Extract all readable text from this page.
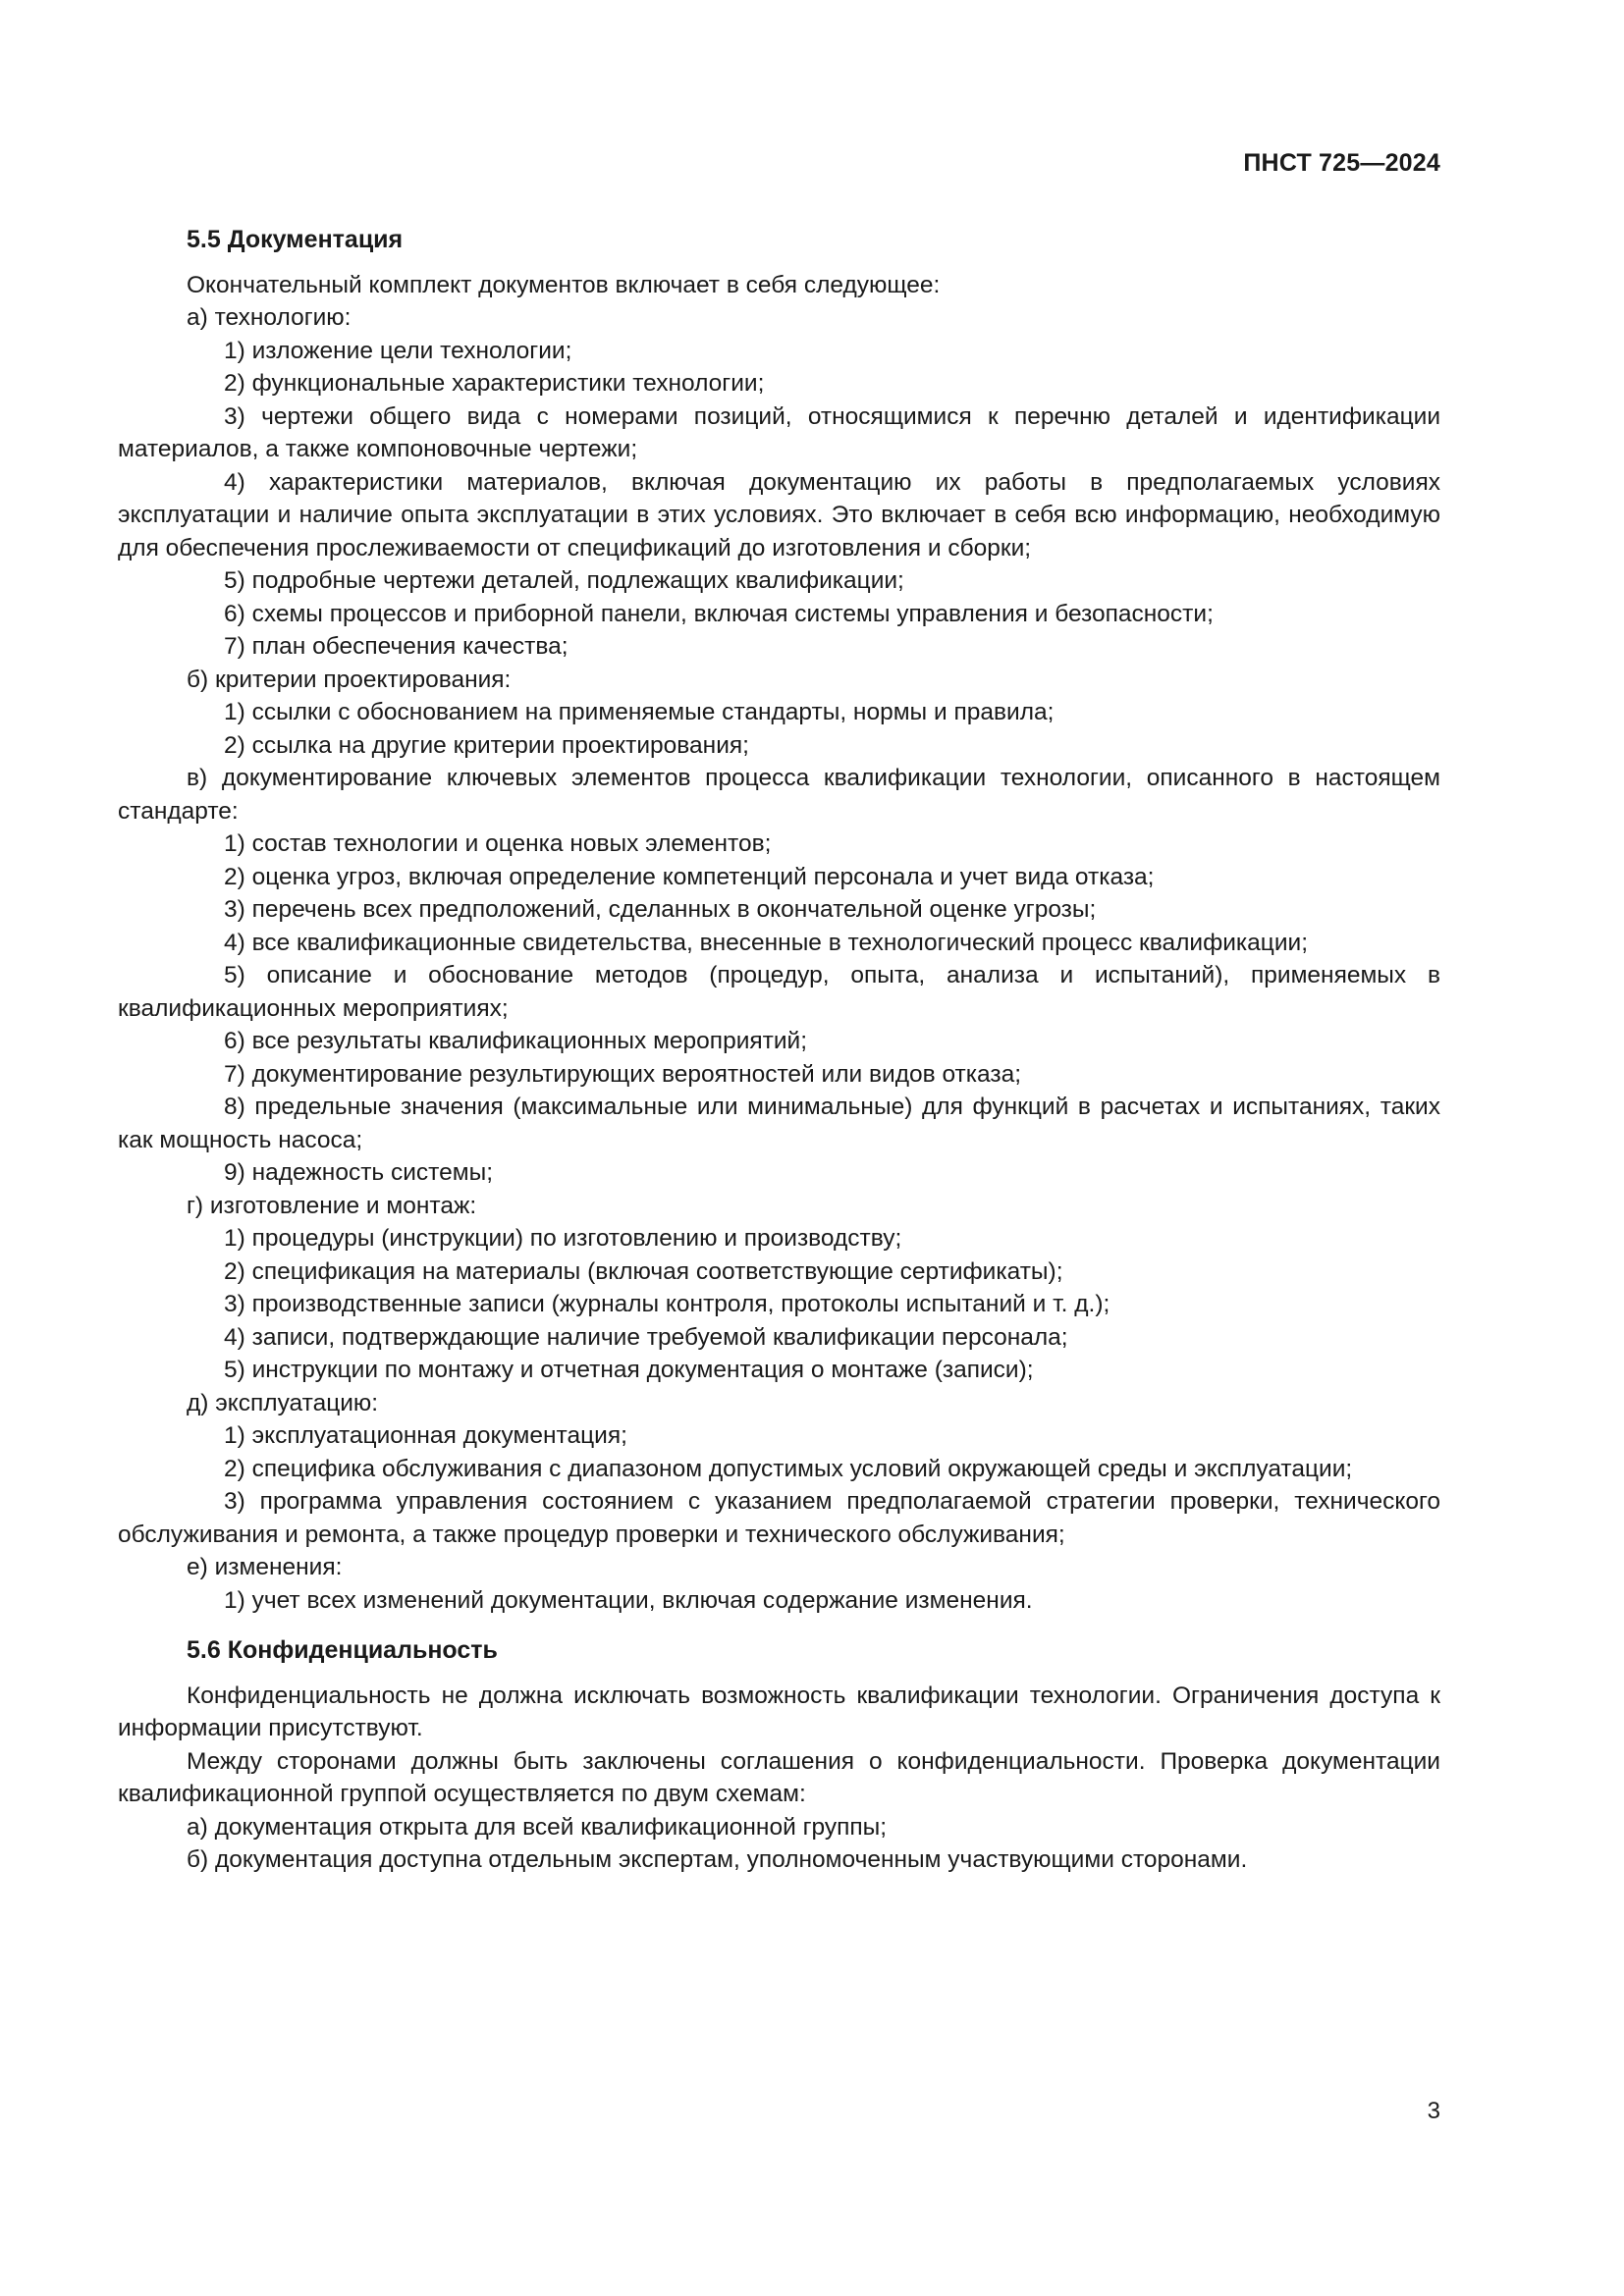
ПНСТ 725—2024
5.5 Документация

Окончательный комплект документов включает в себя следующее:

а) технологию:

1) изложение цели технологии;

2) функциональные характеристики технологии;

3) чертежи общего вида с номерами позиций, относящимися к перечню деталей и идентификации материалов, а также компоновочные чертежи;

4) характеристики материалов, включая документацию их работы в предполагаемых условиях эксплуатации и наличие опыта эксплуатации в этих условиях. Это включает в себя всю информацию, необходимую для обеспечения прослеживаемости от спецификаций до изготовления и сборки;

5) подробные чертежи деталей, подлежащих квалификации;

6) схемы процессов и приборной панели, включая системы управления и безопасности;

7) план обеспечения качества;

б) критерии проектирования:

1) ссылки с обоснованием на применяемые стандарты, нормы и правила;

2) ссылка на другие критерии проектирования;

в) документирование ключевых элементов процесса квалификации технологии, описанного в настоящем стандарте:

1) состав технологии и оценка новых элементов;

2) оценка угроз, включая определение компетенций персонала и учет вида отказа;

3) перечень всех предположений, сделанных в окончательной оценке угрозы;

4) все квалификационные свидетельства, внесенные в технологический процесс квалификации;

5) описание и обоснование методов (процедур, опыта, анализа и испытаний), применяемых в квалификационных мероприятиях;

6) все результаты квалификационных мероприятий;

7) документирование результирующих вероятностей или видов отказа;

8) предельные значения (максимальные или минимальные) для функций в расчетах и испытаниях, таких как мощность насоса;

9) надежность системы;

г) изготовление и монтаж:

1) процедуры (инструкции) по изготовлению и производству;

2) спецификация на материалы (включая соответствующие сертификаты);

3) производственные записи (журналы контроля, протоколы испытаний и т. д.);

4) записи, подтверждающие наличие требуемой квалификации персонала;

5) инструкции по монтажу и отчетная документация о монтаже (записи);

д) эксплуатацию:

1) эксплуатационная документация;

2) специфика обслуживания с диапазоном допустимых условий окружающей среды и эксплуатации;

3) программа управления состоянием с указанием предполагаемой стратегии проверки, технического обслуживания и ремонта, а также процедур проверки и технического обслуживания;

е) изменения:

1) учет всех изменений документации, включая содержание изменения.

5.6 Конфиденциальность

Конфиденциальность не должна исключать возможность квалификации технологии. Ограничения доступа к информации присутствуют.

Между сторонами должны быть заключены соглашения о конфиденциальности. Проверка документации квалификационной группой осуществляется по двум схемам:

а) документация открыта для всей квалификационной группы;

б) документация доступна отдельным экспертам, уполномоченным участвующими сторонами.

3
